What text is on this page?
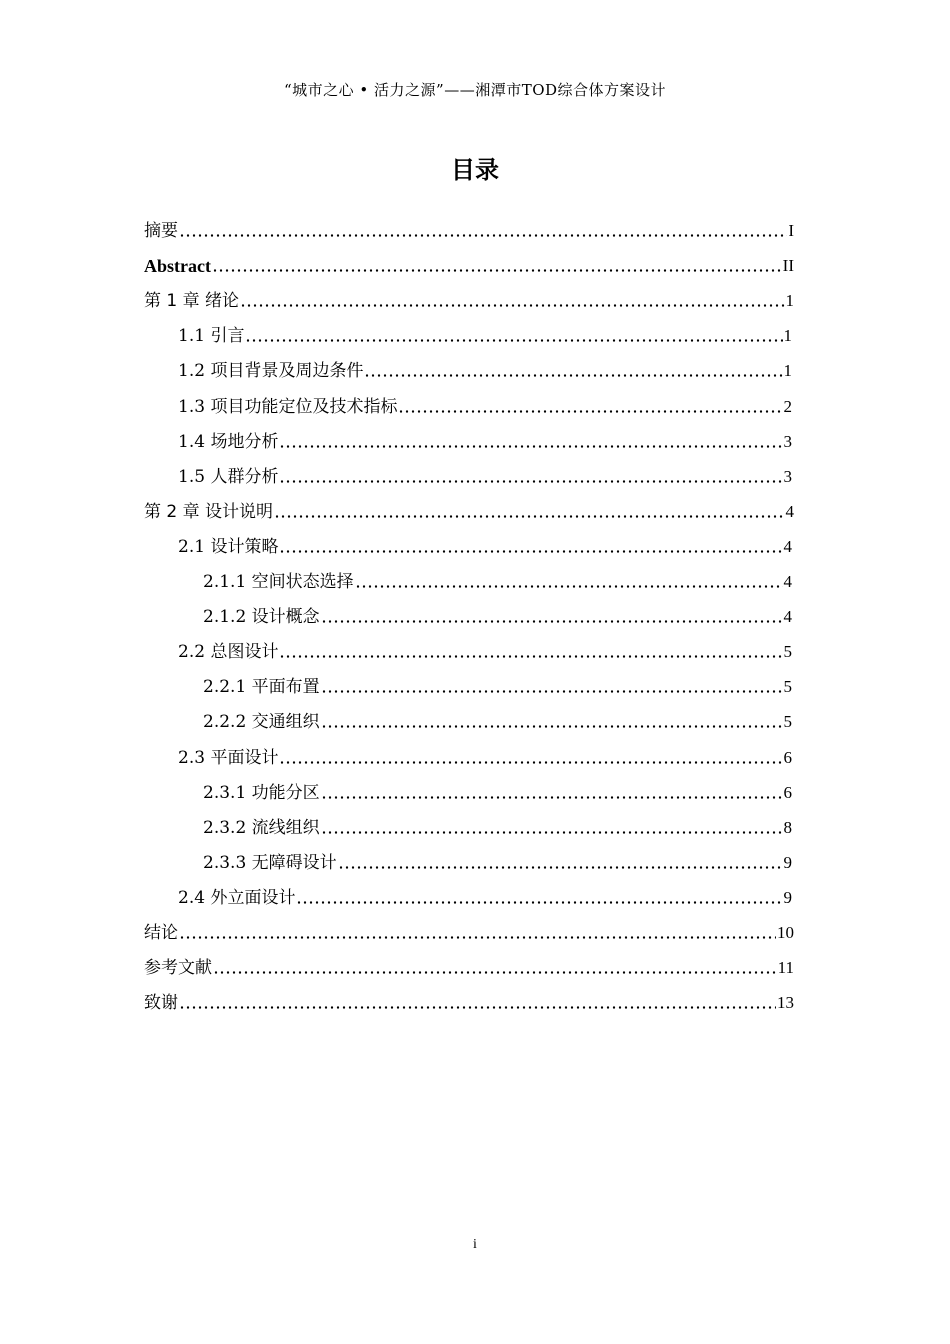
“城市之心 • 活力之源”——湘潭市TOD综合体方案设计
目录
摘要	I
Abstract	II
第 1 章 绪论	1
1.1 引言	1
1.2 项目背景及周边条件	1
1.3 项目功能定位及技术指标	2
1.4 场地分析	3
1.5 人群分析	3
第 2 章 设计说明	4
2.1 设计策略	4
2.1.1 空间状态选择	4
2.1.2 设计概念	4
2.2 总图设计	5
2.2.1 平面布置	5
2.2.2 交通组织	5
2.3 平面设计	6
2.3.1 功能分区	6
2.3.2 流线组织	8
2.3.3 无障碍设计	9
2.4 外立面设计	9
结论	10
参考文献	11
致谢	13
i
